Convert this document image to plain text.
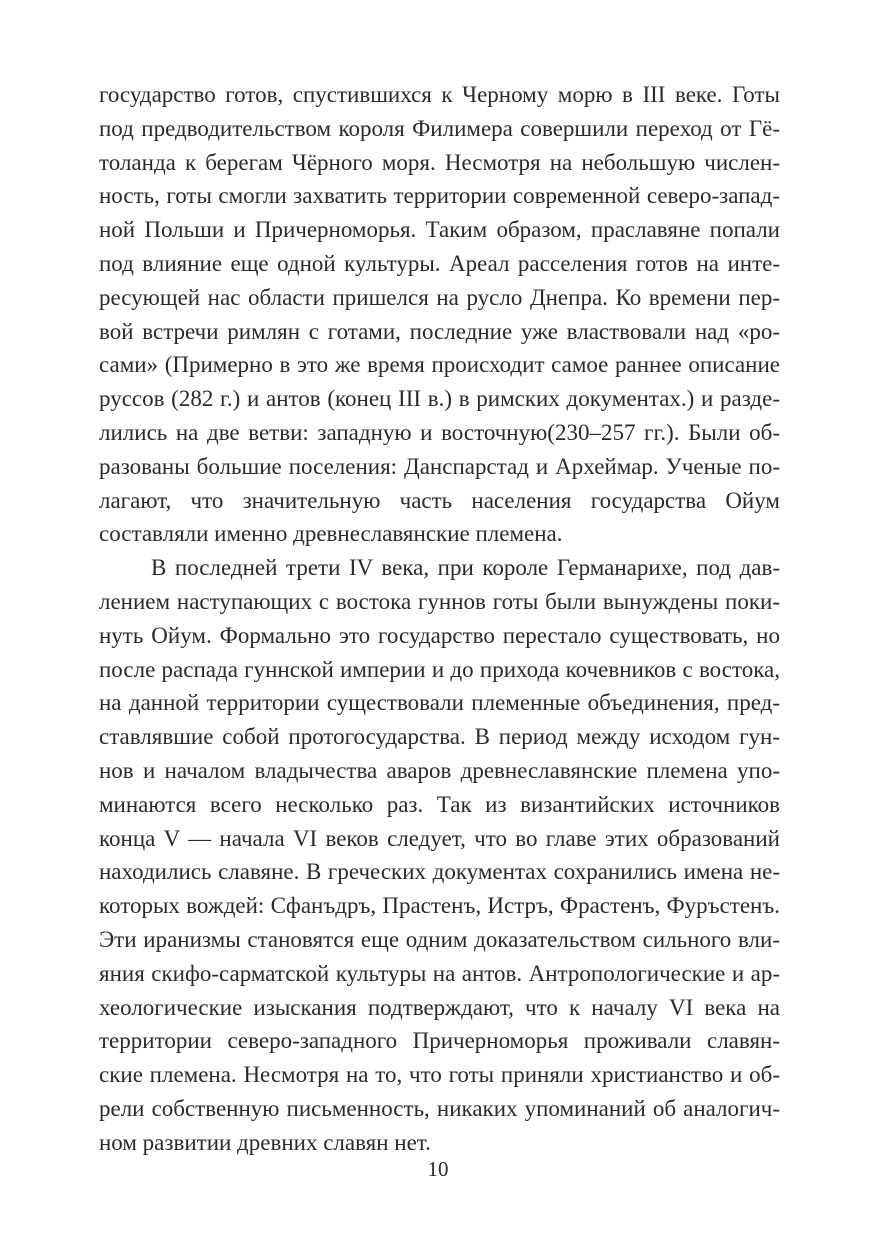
государство готов, спустившихся к Черному морю в III веке. Готы
под предводительством короля Филимера совершили переход от Гё-
толанда к берегам Чёрного моря. Несмотря на небольшую числен-
ность, готы смогли захватить территории современной северо-запад-
ной Польши и Причерноморья. Таким образом, праславяне попали
под влияние еще одной культуры. Ареал расселения готов на инте-
ресующей нас области пришелся на русло Днепра. Ко времени пер-
вой встречи римлян с готами, последние уже властвовали над «ро-
сами» (Примерно в это же время происходит самое раннее описание
руссов (282 г.) и антов (конец III в.) в римских документах.) и разде-
лились на две ветви: западную и восточную(230–257 гг.). Были об-
разованы большие поселения: Данспарстад и Археймар. Ученые по-
лагают, что значительную часть населения государства Ойум
составляли именно древнеславянские племена.
В последней трети IV века, при короле Германарихе, под дав-
лением наступающих с востока гуннов готы были вынуждены поки-
нуть Ойум. Формально это государство перестало существовать, но
после распада гуннской империи и до прихода кочевников с востока,
на данной территории существовали племенные объединения, пред-
ставлявшие собой протогосударства. В период между исходом гун-
нов и началом владычества аваров древнеславянские племена упо-
минаются всего несколько раз. Так из византийских источников
конца V — начала VI веков следует, что во главе этих образований
находились славяне. В греческих документах сохранились имена не-
которых вождей: Сфанъдръ, Прастенъ, Истръ, Фрастенъ, Фуръстенъ.
Эти иранизмы становятся еще одним доказательством сильного вли-
яния скифо-сарматской культуры на антов. Антропологические и ар-
хеологические изыскания подтверждают, что к началу VI века на
территории северо-западного Причерноморья проживали славян-
ские племена. Несмотря на то, что готы приняли христианство и об-
рели собственную письменность, никаких упоминаний об аналогич-
ном развитии древних славян нет.
10
